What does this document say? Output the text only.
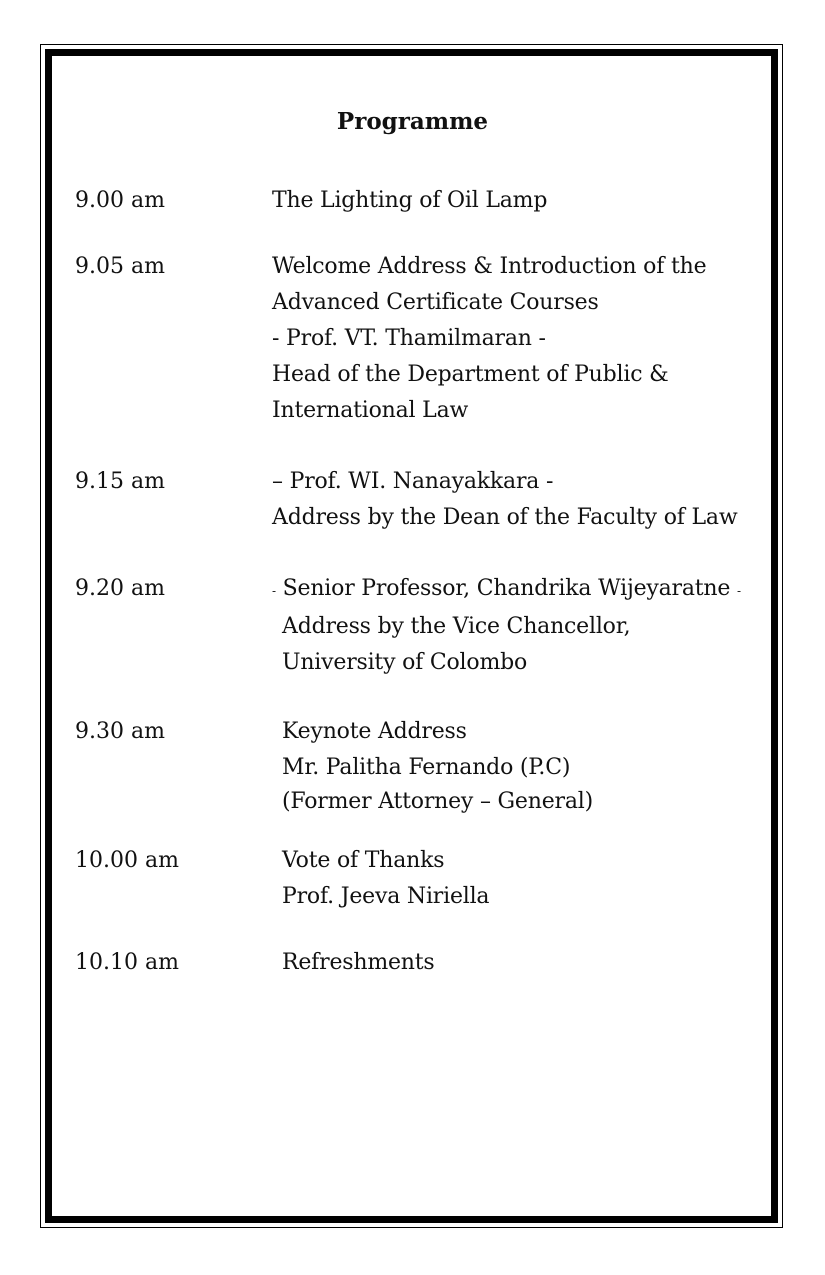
Programme
9.00 am	The Lighting of Oil Lamp
9.05 am	Welcome Address & Introduction of the
Advanced Certificate Courses
- Prof. VT. Thamilmaran -
Head of the Department of Public &
International Law
9.15 am	– Prof. WI. Nanayakkara -
Address by the Dean of the Faculty of Law
9.20 am	- Senior Professor, Chandrika Wijeyaratne -
Address by the Vice Chancellor,
University of Colombo
9.30 am	Keynote Address
Mr. Palitha Fernando (P.C)
(Former Attorney – General)
10.00 am	Vote of Thanks
Prof. Jeeva Niriella
10.10 am	Refreshments
